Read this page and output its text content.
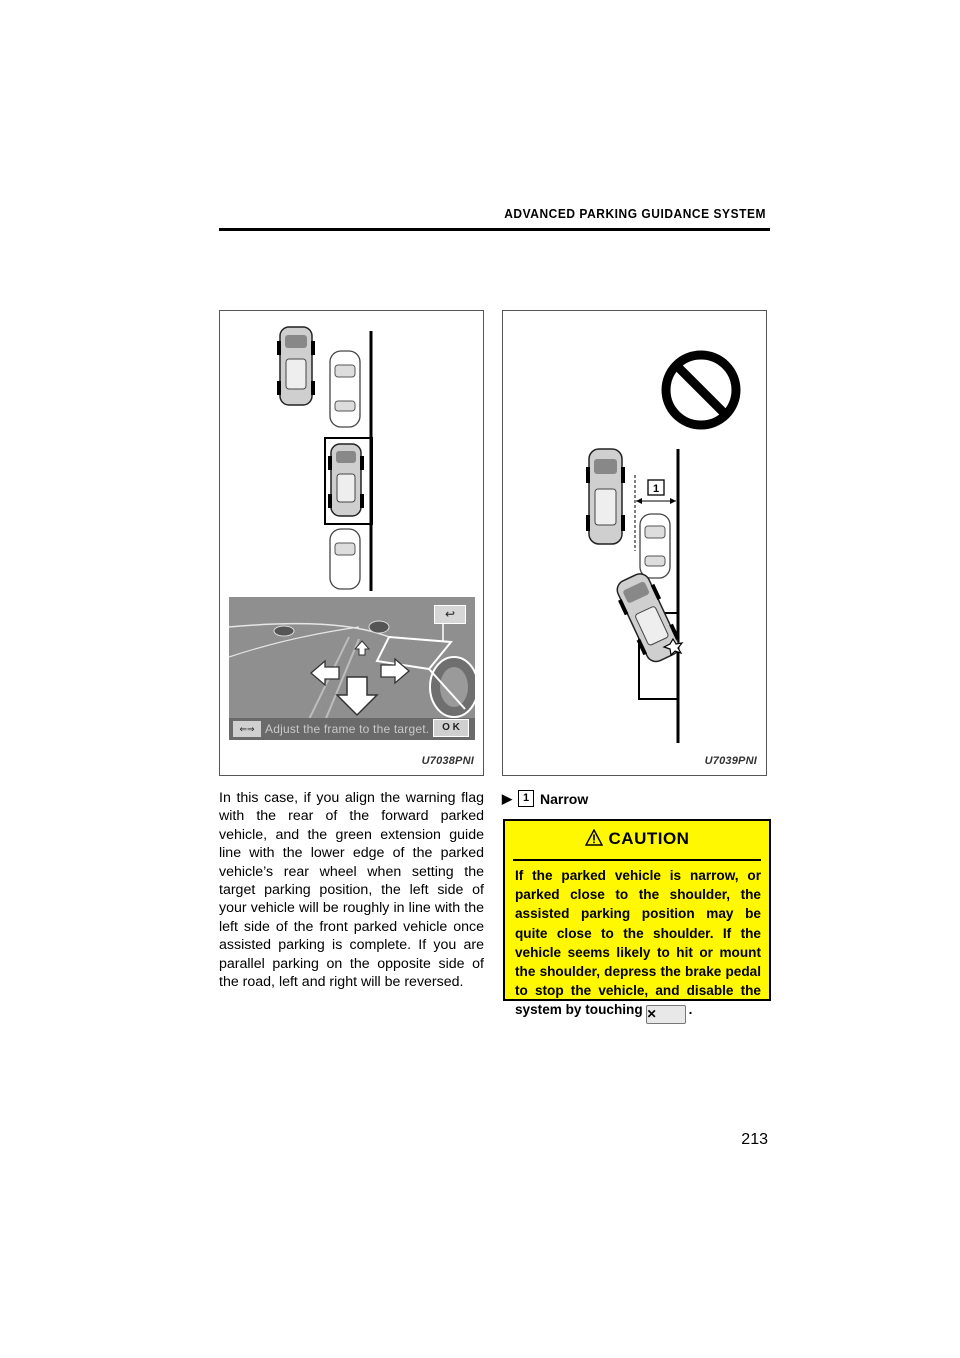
ADVANCED PARKING GUIDANCE SYSTEM
↩
⇐⇒ Adjust the frame to the target.	O K
U7038PNI
1
U7039PNI
In this case, if you align the warning flag with the rear of the forward parked vehicle, and the green extension guide line with the lower edge of the parked vehicle’s rear wheel when setting the target parking position, the left side of your vehicle will be roughly in line with the left side of the front parked vehicle once assisted parking is complete. If you are parallel parking on the opposite side of the road, left and right will be reversed.
▶ 1 Narrow
CAUTION
If the parked vehicle is narrow, or parked close to the shoulder, the assisted parking position may be quite close to the shoulder. If the vehicle seems likely to hit or mount the shoulder, depress the brake pedal to stop the vehicle, and disable the system by touching ✕ .
213
